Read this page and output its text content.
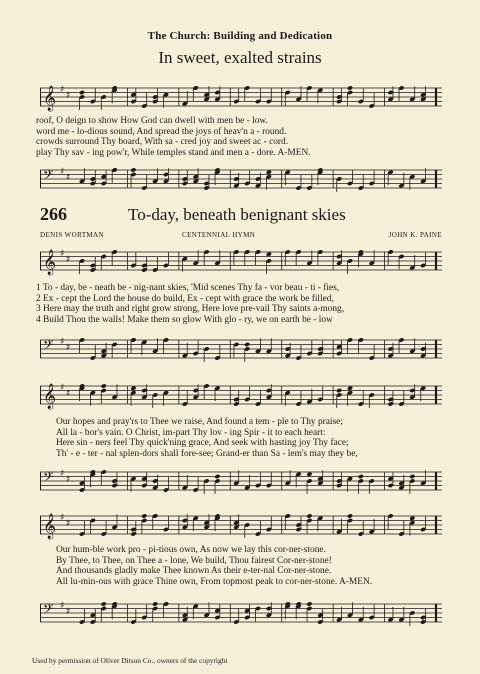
The Church: Building and Dedication
In sweet, exalted strains
𝄞 ♯
♯
roof, O deign to show How God can dwell with men be - low.
word me - lo-dious sound, And spread the joys of heav'n a - round.
crowds surround Thy board, With sa - cred joy and sweet ac - cord.
play Thy sav - ing pow'r, While temples stand and men a - dore. A-MEN.
𝄢 ♯
♯
266	To-day, beneath benignant skies
DENIS WORTMAN	CENTENNIAL HYMN	JOHN K. PAINE
𝄞 ♯
♯
1 To - day, be - neath be - nig-nant skies, 'Mid scenes Thy fa - vor beau - ti - fies,
2 Ex - cept the Lord the house do build, Ex - cept with grace the work be filled,
3 Here may the truth and right grow strong, Here love pre-vail Thy saints a-mong,
4 Build Thou the walls! Make them so glow With glo - ry, we on earth be - low
𝄢 ♯
♯
𝄞 ♯
♯
Our hopes and pray'rs to Thee we raise, And found a tem - ple to Thy praise;
All la - bor's vain. O Christ, im-part Thy lov - ing Spir - it to each heart:
Here sin - ners feel Thy quick'ning grace, And seek with hasting joy Thy face;
Th' - e - ter - nal splen-dors shall fore-see; Grand-er than Sa - lem's may they be,
𝄢 ♯
♯
𝄞 ♯
♯
Our hum-ble work pro - pi-tious own, As now we lay this cor-ner-stone.
By Thee, to Thee, on Thee a - lone, We build, Thou fairest Cor-ner-stone!
And thousands gladly make Thee known As their e-ter-nal Cor-ner-stone.
All lu-min-ous with grace Thine own, From topmost peak to cor-ner-stone. A-MEN.
𝄢 ♯
♯
Used by permission of Oliver Ditson Co., owners of the copyright
